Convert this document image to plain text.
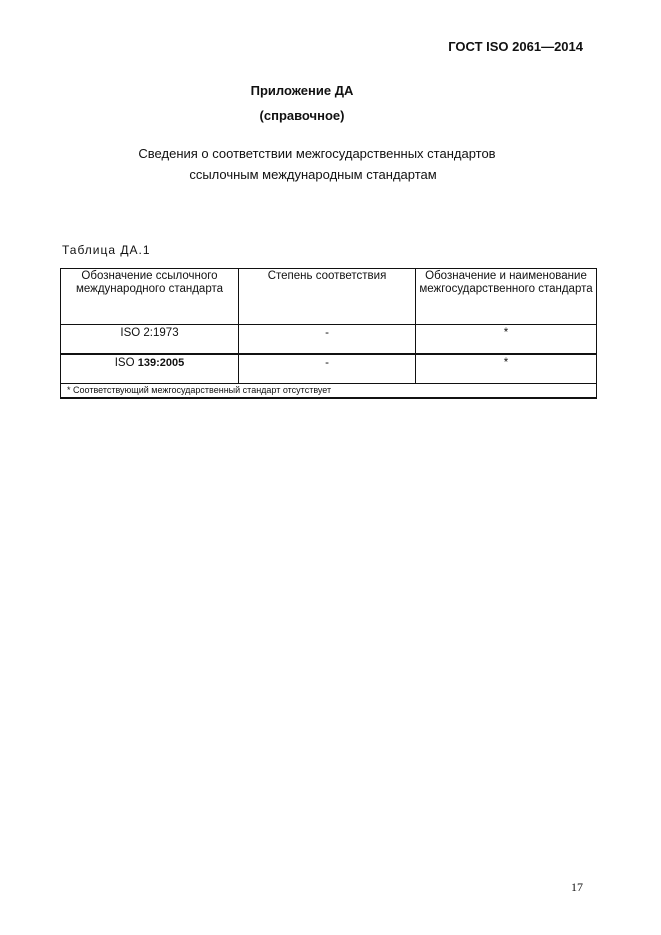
ГОСТ ISO 2061—2014
Приложение ДА
(справочное)
Сведения о соответствии межгосударственных стандартов
ссылочным международным стандартам
Таблица ДА.1
Обозначение ссылочного международного стандарта	Степень соответствия	Обозначение и наименование межгосударственного стандарта
ISO 2:1973	-	*
ISO 139:2005	-	*
* Соответствующий межгосударственный стандарт отсутствует		
17
